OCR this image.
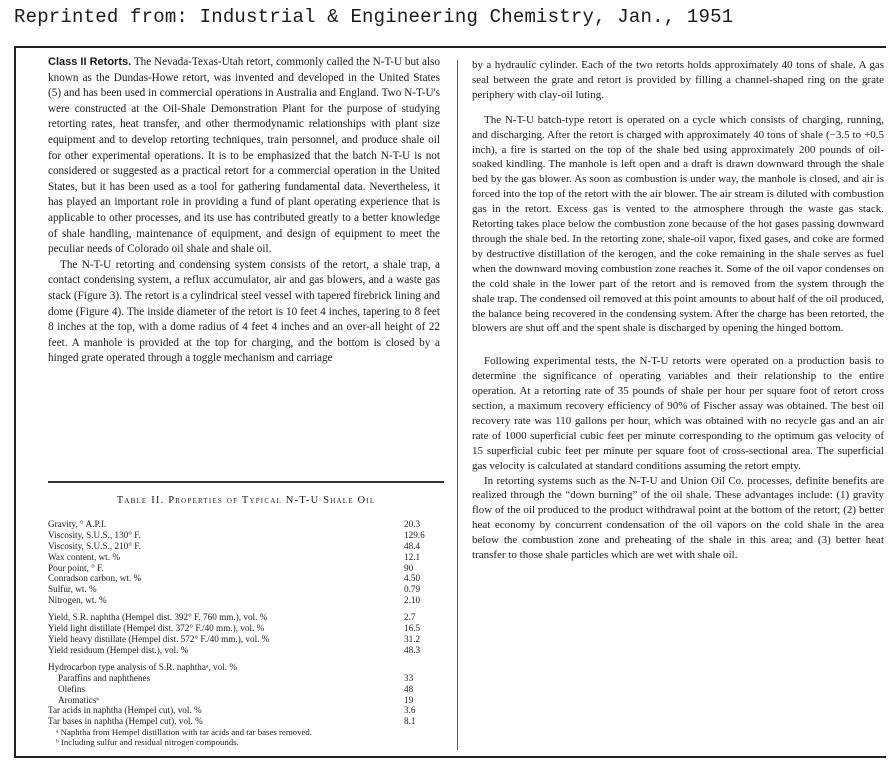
Reprinted from: Industrial & Engineering Chemistry, Jan., 1951

Class II Retorts. The Nevada-Texas-Utah retort, commonly called the N-T-U but also known as the Dundas-Howe retort, was invented and developed in the United States (5) and has been used in commercial operations in Australia and England. Two N-T-U's were constructed at the Oil-Shale Demonstration Plant for the purpose of studying retorting rates, heat transfer, and other thermodynamic relationships with plant size equipment and to develop retorting techniques, train personnel, and produce shale oil for other experimental operations. It is to be emphasized that the batch N-T-U is not considered or suggested as a practical retort for a commercial operation in the United States, but it has been used as a tool for gathering fundamental data. Nevertheless, it has played an important role in providing a fund of plant operating experience that is applicable to other processes, and its use has contributed greatly to a better knowledge of shale handling, maintenance of equipment, and design of equipment to meet the peculiar needs of Colorado oil shale and shale oil.

The N-T-U retorting and condensing system consists of the retort, a shale trap, a contact condensing system, a reflux accumulator, air and gas blowers, and a waste gas stack (Figure 3). The retort is a cylindrical steel vessel with tapered firebrick lining and dome (Figure 4). The inside diameter of the retort is 10 feet 4 inches, tapering to 8 feet 8 inches at the top, with a dome radius of 4 feet 4 inches and an over-all height of 22 feet. A manhole is provided at the top for charging, and the bottom is closed by a hinged grate operated through a toggle mechanism and carriage

Table II. Properties of Typical N-T-U Shale Oil
Gravity, ° A.P.I.	20.3
Viscosity, S.U.S., 130° F.	129.6
Viscosity, S.U.S., 210° F.	48.4
Wax content, wt. %	12.1
Pour point, ° F.	90
Conradson carbon, wt. %	4.50
Sulfur, wt. %	0.79
Nitrogen, wt. %	2.10
Yield, S.R. naphtha (Hempel dist. 392° F. 760 mm.), vol. %	2.7
Yield light distillate (Hempel dist. 372° F./40 mm.), vol. %	16.5
Yield heavy distillate (Hempel dist. 572° F./40 mm.), vol. %	31.2
Yield residuum (Hempel dist.), vol. %	48.3
Hydrocarbon type analysis of S.R. naphthaᵃ, vol. %
Paraffins and naphthenes	33
Olefins	48
Aromaticsᵇ	19
Tar acids in naphtha (Hempel cut), vol. %	3.6
Tar bases in naphtha (Hempel cut), vol. %	8.1
ᵃ Naphtha from Hempel distillation with tar acids and tar bases removed.
ᵇ Including sulfur and residual nitrogen compounds.

by a hydraulic cylinder. Each of the two retorts holds approximately 40 tons of shale. A gas seal between the grate and retort is provided by filling a channel-shaped ring on the grate periphery with clay-oil luting.

The N-T-U batch-type retort is operated on a cycle which consists of charging, running, and discharging. After the retort is charged with approximately 40 tons of shale (−3.5 to +0.5 inch), a fire is started on the top of the shale bed using approximately 200 pounds of oil-soaked kindling. The manhole is left open and a draft is drawn downward through the shale bed by the gas blower. As soon as combustion is under way, the manhole is closed, and air is forced into the top of the retort with the air blower. The air stream is diluted with combustion gas in the retort. Excess gas is vented to the atmosphere through the waste gas stack. Retorting takes place below the combustion zone because of the hot gases passing downward through the shale bed. In the retorting zone, shale-oil vapor, fixed gases, and coke are formed by destructive distillation of the kerogen, and the coke remaining in the shale serves as fuel when the downward moving combustion zone reaches it. Some of the oil vapor condenses on the cold shale in the lower part of the retort and is removed from the system through the shale trap. The condensed oil removed at this point amounts to about half of the oil produced, the balance being recovered in the condensing system. After the charge has been retorted, the blowers are shut off and the spent shale is discharged by opening the hinged bottom.

Following experimental tests, the N-T-U retorts were operated on a production basis to determine the significance of operating variables and their relationship to the entire operation. At a retorting rate of 35 pounds of shale per hour per square foot of retort cross section, a maximum recovery efficiency of 90% of Fischer assay was obtained. The best oil recovery rate was 110 gallons per hour, which was obtained with no recycle gas and an air rate of 1000 superficial cubic feet per minute corresponding to the optimum gas velocity of 15 superficial cubic feet per minute per square foot of cross-sectional area. The superficial gas velocity is calculated at standard conditions assuming the retort empty.

In retorting systems such as the N-T-U and Union Oil Co. processes, definite benefits are realized through the “down burning” of the oil shale. These advantages include: (1) gravity flow of the oil produced to the product withdrawal point at the bottom of the retort; (2) better heat economy by concurrent condensation of the oil vapors on the cold shale in the area below the combustion zone and preheating of the shale in this area; and (3) better heat transfer to those shale particles which are wet with shale oil.
